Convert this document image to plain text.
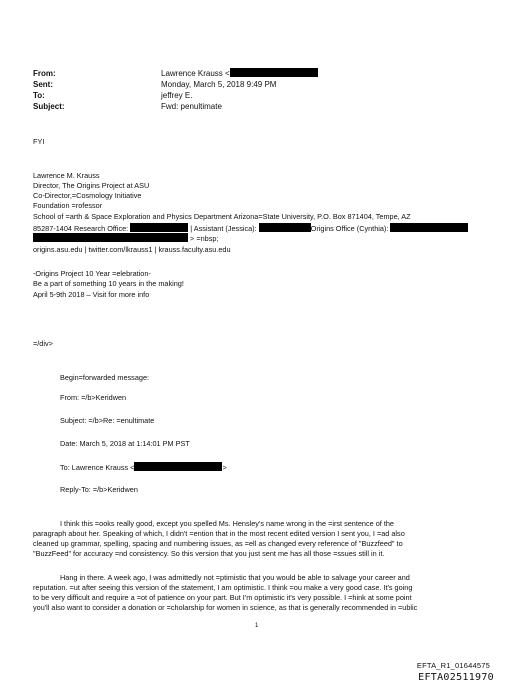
From:	Lawrence Krauss <
Sent:	Monday, March 5, 2018 9:49 PM
To:	jeffrey E.
Subject:	Fwd: penultimate
FYI
Lawrence M. Krauss
Director, The Origins Project at ASU
Co-Director,=Cosmology Initiative
Foundation =rofessor
School of =arth & Space Exploration and Physics Department Arizona=State University, P.O. Box 871404, Tempe, AZ
85287-1404 Research Office:	| Assistant (Jessica):	Origins Office (Cynthia):
> =nbsp;
origins.asu.edu | twitter.com/lkrauss1 | krauss.faculty.asu.edu
-Origins Project 10 Year =elebration-
Be a part of something 10 years in the making!
April 5-9th 2018 – Visit for more info
=/div>
Begin=forwarded message:
From: =/b>Keridwen
Subject: =/b>Re: =enultimate
Date: March 5, 2018 at 1:14:01 PM PST
To: Lawrence Krauss <	>
Reply-To: =/b>Keridwen
I think this =ooks really good, except you spelled Ms. Hensley's name wrong in the =irst sentence of the
paragraph about her. Speaking of which, I didn't =ention that in the most recent edited version I sent you, I =ad also
cleaned up grammar, spelling, spacing and numbering issues, as =ell as changed every reference of "Buzzfeed" to
"BuzzFeed" for accuracy =nd consistency. So this version that you just sent me has all those =ssues still in it.
Hang in there. A week ago, I was admittedly not =ptimistic that you would be able to salvage your career and
reputation. =ut after seeing this version of the statement, I am optimistic. I think =ou make a very good case. It's going
to be very difficult and require a =ot of patience on your part. But I'm optimistic it's very possible. I =hink at some point
you'll also want to consider a donation or =cholarship for women in science, as that is generally recommended in =ublic
1
EFTA_R1_01644575
EFTA02511970
